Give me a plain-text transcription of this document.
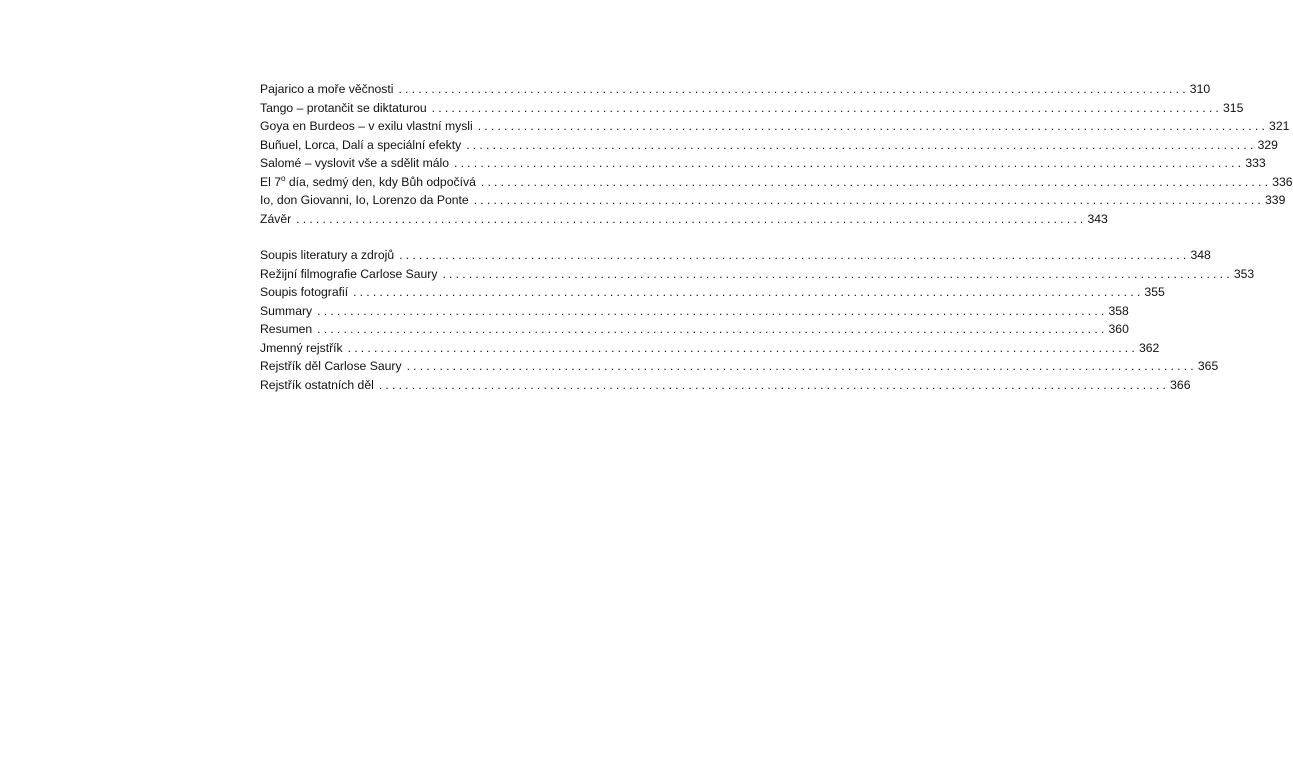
Pajarico a moře věčnosti ........................................................................................................................ 310
Tango – protančit se diktaturou ........................................................................................................................ 315
Goya en Burdeos – v exilu vlastní mysli ........................................................................................................................ 321
Buñuel, Lorca, Dalí a speciální efekty ........................................................................................................................ 329
Salomé – vyslovit vše a sdělit málo ........................................................................................................................ 333
El 7$^o$ día, sedmý den, kdy Bůh odpočívá ........................................................................................................................ 336
Io, don Giovanni, Io, Lorenzo da Ponte ........................................................................................................................ 339
Závěr ........................................................................................................................ 343
Soupis literatury a zdrojů ........................................................................................................................ 348
Režijní filmografie Carlose Saury ........................................................................................................................ 353
Soupis fotografií ........................................................................................................................ 355
Summary ........................................................................................................................ 358
Resumen ........................................................................................................................ 360
Jmenný rejstřík ........................................................................................................................ 362
Rejstřík děl Carlose Saury ........................................................................................................................ 365
Rejstřík ostatních děl ........................................................................................................................ 366
